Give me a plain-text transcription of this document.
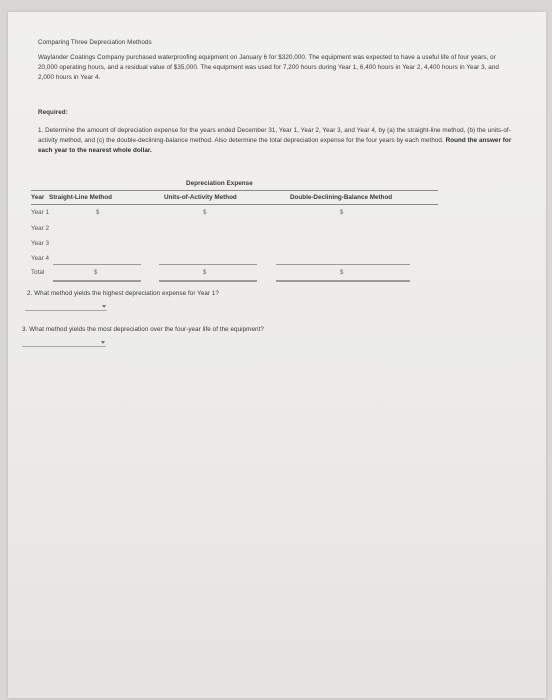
Comparing Three Depreciation Methods
Waylander Coatings Company purchased waterproofing equipment on January 6 for $320,000. The equipment was expected to have a useful life of four years, or 20,000 operating hours, and a residual value of $35,000. The equipment was used for 7,200 hours during Year 1, 6,400 hours in Year 2, 4,400 hours in Year 3, and 2,000 hours in Year 4.
Required:
1. Determine the amount of depreciation expense for the years ended December 31, Year 1, Year 2, Year 3, and Year 4, by (a) the straight-line method, (b) the units-of-activity method, and (c) the double-declining-balance method. Also determine the total depreciation expense for the four years by each method. Round the answer for each year to the nearest whole dollar.
Depreciation Expense
Year Straight-Line Method	Units-of-Activity Method	Double-Declining-Balance Method
Year 1	$	$	$
Year 2
Year 3
Year 4
Total	$	$	$
2. What method yields the highest depreciation expense for Year 1?
3. What method yields the most depreciation over the four-year life of the equipment?
